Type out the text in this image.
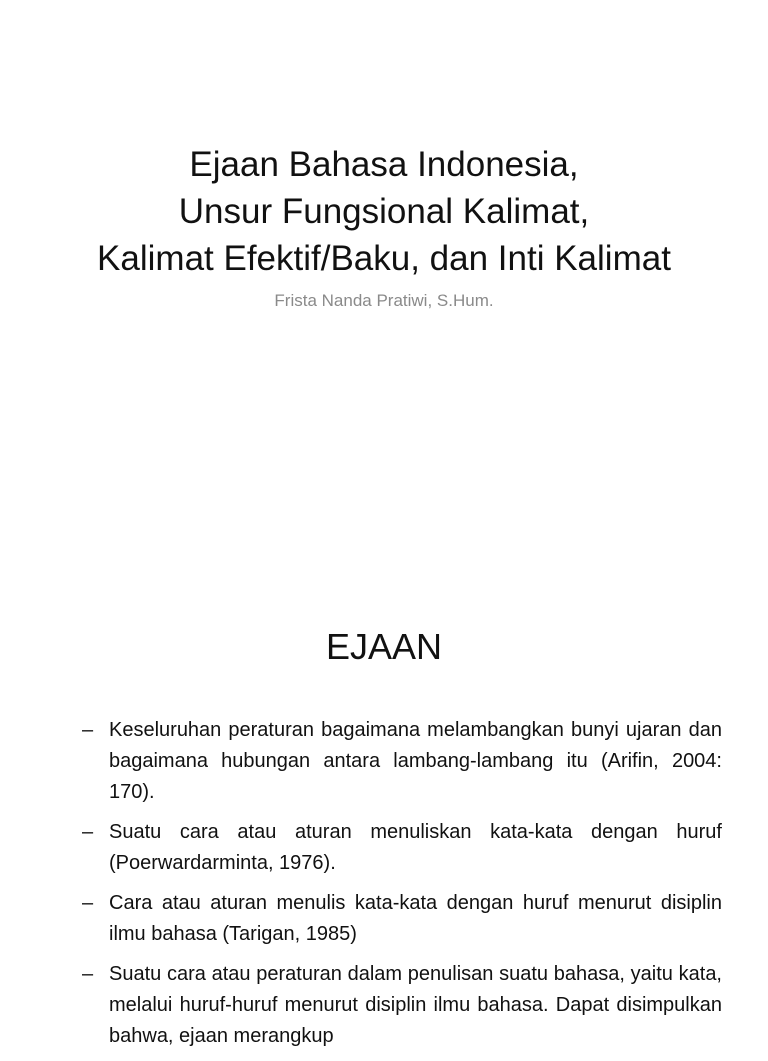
Ejaan Bahasa Indonesia,
Unsur Fungsional Kalimat,
Kalimat Efektif/Baku, dan Inti Kalimat
Frista Nanda Pratiwi, S.Hum.
EJAAN
– Keseluruhan peraturan bagaimana melambangkan bunyi ujaran dan bagaimana hubungan antara lambang-lambang itu (Arifin, 2004: 170).
– Suatu cara atau aturan menuliskan kata-kata dengan huruf (Poerwardarminta, 1976).
– Cara atau aturan menulis kata-kata dengan huruf menurut disiplin ilmu bahasa (Tarigan, 1985)
– Suatu cara atau peraturan dalam penulisan suatu bahasa, yaitu kata, melalui huruf-huruf menurut disiplin ilmu bahasa. Dapat disimpulkan bahwa, ejaan merangkup
